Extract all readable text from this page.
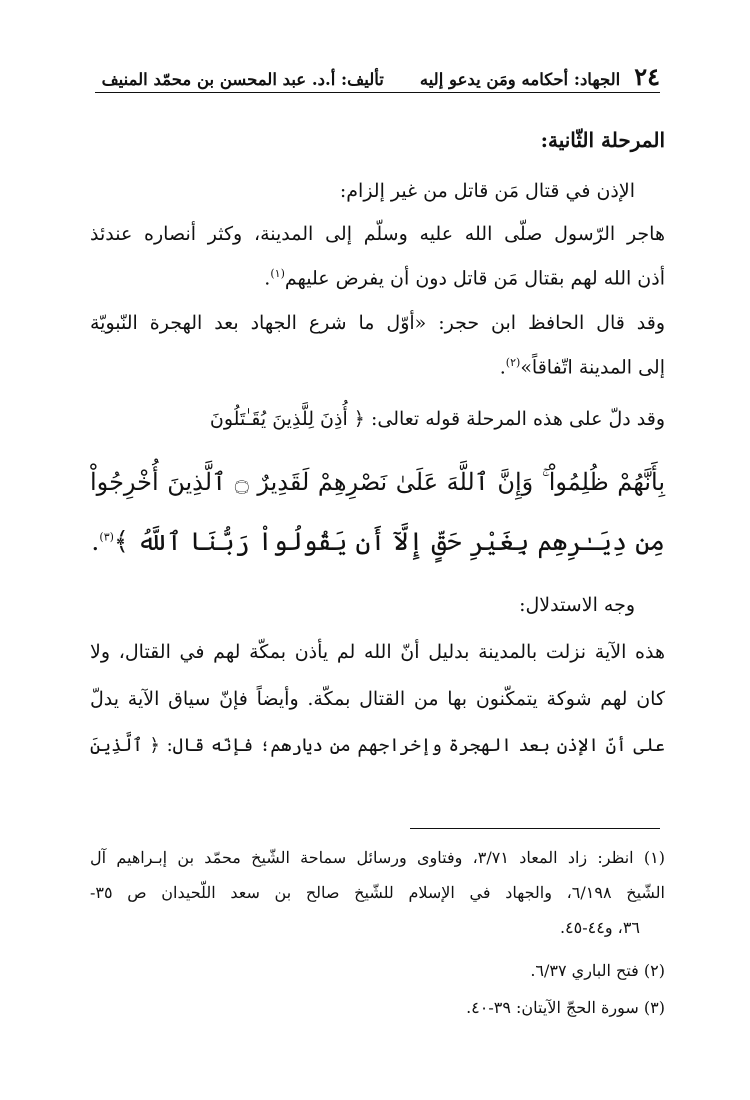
٢٤
الجهاد: أحكامه ومَن يدعو إليه
تأليف: أ.د. عبد المحسن بن محمّد المنيف
المرحلة الثّانية:
الإذن في قتال مَن قاتل من غير إلزام:
هاجر الرّسول صلّى الله عليه وسلّم إلى المدينة، وكثر أنصاره عندئذ
أذن الله لهم بقتال مَن قاتل دون أن يفرض عليهم$^{(١)}$.
وقد قال الحافظ ابن حجر: «أوّل ما شرع الجهاد بعد الهجرة النّبويّة
إلى المدينة اتّفاقاً»$^{(٢)}$.
وقد دلّ على هذه المرحلة قوله تعالى: ﴿ أُذِنَ لِلَّذِينَ يُقَـٰتَلُونَ
بِأَنَّهُمْ ظُلِمُواْ ۚ وَإِنَّ ٱللَّهَ عَلَىٰ نَصْرِهِمْ لَقَدِيرٌ ۝ ٱلَّذِينَ أُخْرِجُواْ
مِن دِيَـٰرِهِم بِغَيْرِ حَقٍّ إِلَّآ أَن يَقُولُواْ رَبُّنَا ٱللَّهُ ﴾$^{(٣)}$.
وجه الاستدلال:
هذه الآية نزلت بالمدينة بدليل أنّ الله لم يأذن بمكّة لهم في القتال، ولا
كان لهم شوكة يتمكّنون بها من القتال بمكّة. وأيضاً فإنّ سياق الآية يدلّ
على أنّ الإذن بعد الهجرة وإخراجهم من ديارهم؛ فإنّه قال: ﴿ ٱلَّذِينَ
(١) انظر: زاد المعاد ٣/٧١، وفتاوى ورسائل سماحة الشّيخ محمّد بن إبـراهيم آل
الشّيخ ٦/١٩٨، والجهاد في الإسلام للشّيخ صالح بن سعد اللّحيدان ص ٣٥-
٣٦، و٤٤-٤٥.
(٢) فتح الباري ٦/٣٧.
(٣) سورة الحجّ الآيتان: ٣٩-٤٠.
